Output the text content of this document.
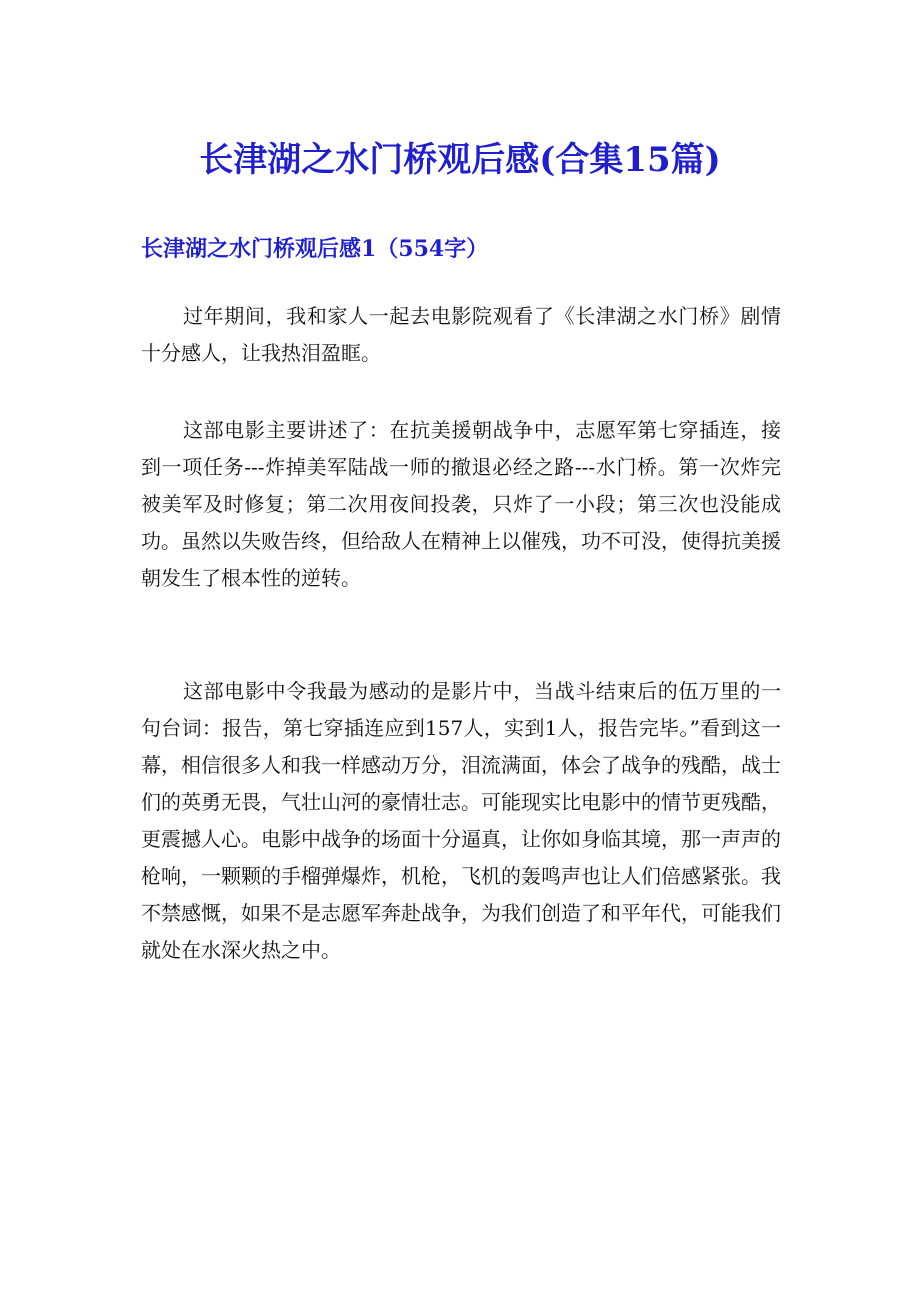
长津湖之水门桥观后感(合集15篇)
长津湖之水门桥观后感1（554字）

过年期间，我和家人一起去电影院观看了《长津湖之水门桥》剧情十分感人，让我热泪盈眶。

这部电影主要讲述了：在抗美援朝战争中，志愿军第七穿插连，接到一项任务---炸掉美军陆战一师的撤退必经之路---水门桥。第一次炸完被美军及时修复；第二次用夜间投袭，只炸了一小段；第三次也没能成功。虽然以失败告终，但给敌人在精神上以催残，功不可没，使得抗美援朝发生了根本性的逆转。

这部电影中令我最为感动的是影片中，当战斗结束后的伍万里的一句台词：报告，第七穿插连应到157人，实到1人，报告完毕。”看到这一幕，相信很多人和我一样感动万分，泪流满面，体会了战争的残酷，战士们的英勇无畏，气壮山河的豪情壮志。可能现实比电影中的情节更残酷，更震撼人心。电影中战争的场面十分逼真，让你如身临其境，那一声声的枪响，一颗颗的手榴弹爆炸，机枪，飞机的轰鸣声也让人们倍感紧张。我不禁感慨，如果不是志愿军奔赴战争，为我们创造了和平年代，可能我们就处在水深火热之中。
